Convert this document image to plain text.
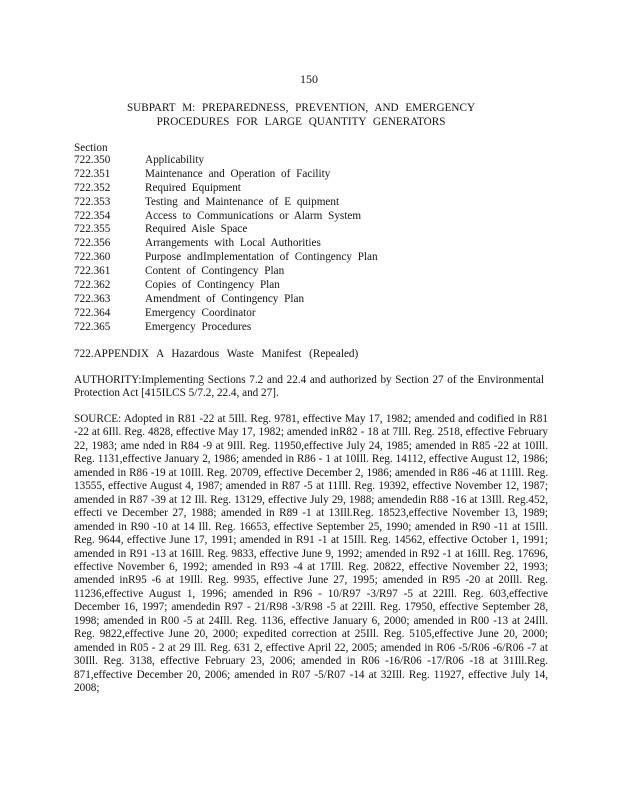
150
SUBPART M: PREPAREDNESS, PREVENTION, AND EMERGENCY
PROCEDURES FOR LARGE QUANTITY GENERATORS
Section
722.350	Applicability
722.351	Maintenance and Operation of Facility
722.352	Required Equipment
722.353	Testing and Maintenance of E quipment
722.354	Access to Communications or Alarm System
722.355	Required Aisle Space
722.356	Arrangements with Local Authorities
722.360	Purpose andImplementation of Contingency Plan
722.361	Content of Contingency Plan
722.362	Copies of Contingency Plan
722.363	Amendment of Contingency Plan
722.364	Emergency Coordinator
722.365	Emergency Procedures
722.APPENDIX A Hazardous Waste Manifest (Repealed)
AUTHORITY:Implementing Sections 7.2 and 22.4 and authorized by Section 27 of the Environmental Protection Act [415ILCS 5/7.2, 22.4, and 27].
SOURCE: Adopted in R81 -22 at 5Ill. Reg. 9781, effective May 17, 1982; amended and codified in R81 -22 at 6Ill. Reg. 4828, effective May 17, 1982; amended inR82 - 18 at 7Ill. Reg. 2518, effective February 22, 1983; ame nded in R84 -9 at 9Ill. Reg. 11950,effective July 24, 1985; amended in R85 -22 at 10Ill. Reg. 1131,effective January 2, 1986; amended in R86 - 1 at 10Ill. Reg. 14112, effective August 12, 1986; amended in R86 -19 at 10Ill. Reg. 20709, effective December 2, 1986; amended in R86 -46 at 11Ill. Reg. 13555, effective August 4, 1987; amended in R87 -5 at 11Ill. Reg. 19392, effective November 12, 1987; amended in R87 -39 at 12 Ill. Reg. 13129, effective July 29, 1988; amendedin R88 -16 at 13Ill. Reg.452, effecti ve December 27, 1988; amended in R89 -1 at 13Ill.Reg. 18523,effective November 13, 1989; amended in R90 -10 at 14 Ill. Reg. 16653, effective September 25, 1990; amended in R90 -11 at 15Ill. Reg. 9644, effective June 17, 1991; amended in R91 -1 at 15Ill. Reg. 14562, effective October 1, 1991; amended in R91 -13 at 16Ill. Reg. 9833, effective June 9, 1992; amended in R92 -1 at 16Ill. Reg. 17696, effective November 6, 1992; amended in R93 -4 at 17Ill. Reg. 20822, effective November 22, 1993; amended inR95 -6 at 19Ill. Reg. 9935, effective June 27, 1995; amended in R95 -20 at 20Ill. Reg. 11236,effective August 1, 1996; amended in R96 - 10/R97 -3/R97 -5 at 22Ill. Reg. 603,effective December 16, 1997; amendedin R97 - 21/R98 -3/R98 -5 at 22Ill. Reg. 17950, effective September 28, 1998; amended in R00 -5 at 24Ill. Reg. 1136, effective January 6, 2000; amended in R00 -13 at 24Ill. Reg. 9822,effective June 20, 2000; expedited correction at 25Ill. Reg. 5105,effective June 20, 2000; amended in R05 - 2 at 29 Ill. Reg. 631 2, effective April 22, 2005; amended in R06 -5/R06 -6/R06 -7 at 30Ill. Reg. 3138, effective February 23, 2006; amended in R06 -16/R06 -17/R06 -18 at 31Ill.Reg. 871,effective December 20, 2006; amended in R07 -5/R07 -14 at 32Ill. Reg. 11927, effective July 14, 2008;
